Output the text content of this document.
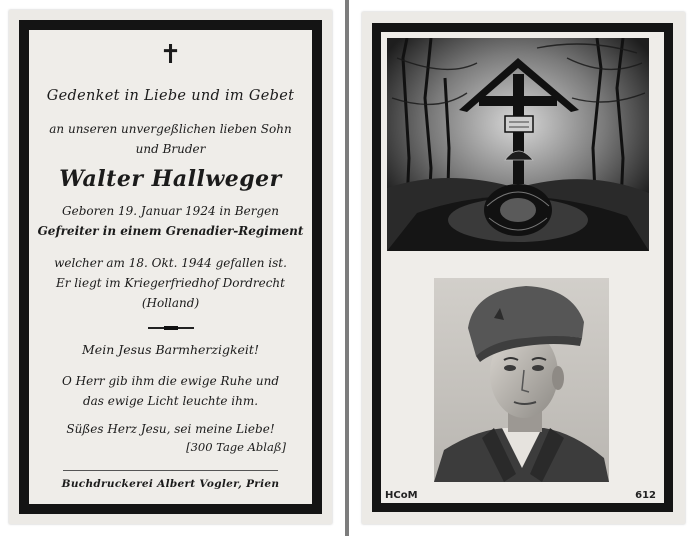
✝
Gedenket in Liebe und im Gebet
an unseren unvergeßlichen lieben Sohn
und Bruder
Walter Hallweger
Geboren 19. Januar 1924 in Bergen
Gefreiter in einem Grenadier-Regiment
welcher am 18. Okt. 1944 gefallen ist.
Er liegt im Kriegerfriedhof Dordrecht
(Holland)
Mein Jesus Barmherzigkeit!
O Herr gib ihm die ewige Ruhe und
das ewige Licht leuchte ihm.
Süßes Herz Jesu, sei meine Liebe!
[300 Tage Ablaß]
Buchdruckerei Albert Vogler, Prien
HCoM	612
